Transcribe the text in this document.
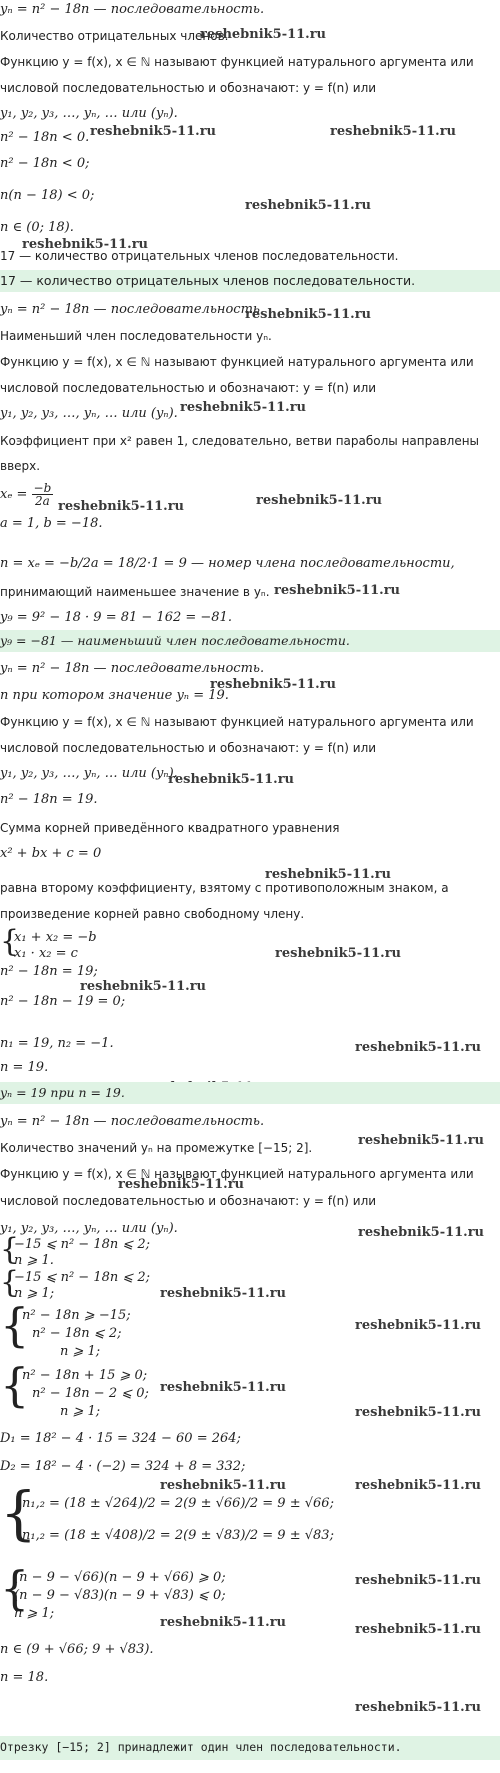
yₙ = n² − 18n — последовательность.
Количество отрицательных членов.
reshebnik5-11.ru
Функцию y = f(x), x ∈ ℕ называют функцией натурального аргумента или
числовой последовательностью и обозначают: y = f(n) или
y₁, y₂, y₃, …, yₙ, … или (yₙ).
n² − 18n < 0. reshebnik5-11.ru	reshebnik5-11.ru
n² − 18n < 0;
n(n − 18) < 0;
reshebnik5-11.ru
n ∈ (0; 18).
reshebnik5-11.ru
17 — количество отрицательных членов последовательности.
17 — количество отрицательных членов последовательности.
yₙ = n² − 18n — последовательность
reshebnik5-11.ru
Наименьший член последовательности yₙ.
Функцию y = f(x), x ∈ ℕ называют функцией натурального аргумента или
числовой последовательностью и обозначают: y = f(n) или
y₁, y₂, y₃, …, yₙ, … или (yₙ). reshebnik5-11.ru
Коэффициент при x² равен 1, следовательно, ветви параболы направлены
вверх.
$x_e = \frac{-b}{2a}$ reshebnik5-11.ru	reshebnik5-11.ru
a = 1, b = −18.
n = xₑ = −b/2a = 18/2·1 = 9 — номер члена последовательности,
принимающий наименьшее значение в yₙ. reshebnik5-11.ru
y₉ = 9² − 18 · 9 = 81 − 162 = −81.
y₉ = −81 — наименьший член последовательности.
yₙ = n² − 18n — последовательность.
n при котором значение yₙ = 19.
reshebnik5-11.ru
Функцию y = f(x), x ∈ ℕ называют функцией натурального аргумента или
числовой последовательностью и обозначают: y = f(n) или
y₁, y₂, y₃, …, yₙ, … или (yₙ).
reshebnik5-11.ru
n² − 18n = 19.
Сумма корней приведённого квадратного уравнения
x² + bx + c = 0
reshebnik5-11.ru
равна второму коэффициенту, взятому с противоположным знаком, а
произведение корней равно свободному члену.
{
x₁ + x₂ = −b
x₁ · x₂ = c	reshebnik5-11.ru
n² − 18n = 19;
reshebnik5-11.ru
n² − 18n − 19 = 0;
n₁ = 19, n₂ = −1.	reshebnik5-11.ru
n = 19.
yₙ = 19 при n = 19.
yₙ = n² − 18n — последовательность.
Количество значений yₙ на промежутке [−15; 2].	reshebnik5-11.ru
Функцию y = f(x), x ∈ ℕ называют функцией натурального аргумента или
reshebnik5-11.ru
числовой последовательностью и обозначают: y = f(n) или
y₁, y₂, y₃, …, yₙ, … или (yₙ).	reshebnik5-11.ru
{
−15 ⩽ n² − 18n ⩽ 2;
n ⩾ 1.
{
−15 ⩽ n² − 18n ⩽ 2;
n ⩾ 1;	reshebnik5-11.ru
{
n² − 18n ⩾ −15;
n² − 18n ⩽ 2;
n ⩾ 1;
reshebnik5-11.ru
{
n² − 18n + 15 ⩾ 0;
n² − 18n − 2 ⩽ 0;
n ⩾ 1;
reshebnik5-11.ru
reshebnik5-11.ru
D₁ = 18² − 4 · 15 = 324 − 60 = 264;
D₂ = 18² − 4 · (−2) = 324 + 8 = 332;
reshebnik5-11.ru	reshebnik5-11.ru
{
n₁,₂ = (18 ± √264)/2 = 2(9 ± √66)/2 = 9 ± √66;
n₁,₂ = (18 ± √408)/2 = 2(9 ± √83)/2 = 9 ± √83;
{
(n − 9 − √66)(n − 9 + √66) ⩾ 0;
(n − 9 − √83)(n − 9 + √83) ⩽ 0;
n ⩾ 1;
reshebnik5-11.ru
reshebnik5-11.ru	reshebnik5-11.ru
n ∈ (9 + √66; 9 + √83).
n = 18.
reshebnik5-11.ru
Отрезку [−15; 2] принадлежит один член последовательности.
